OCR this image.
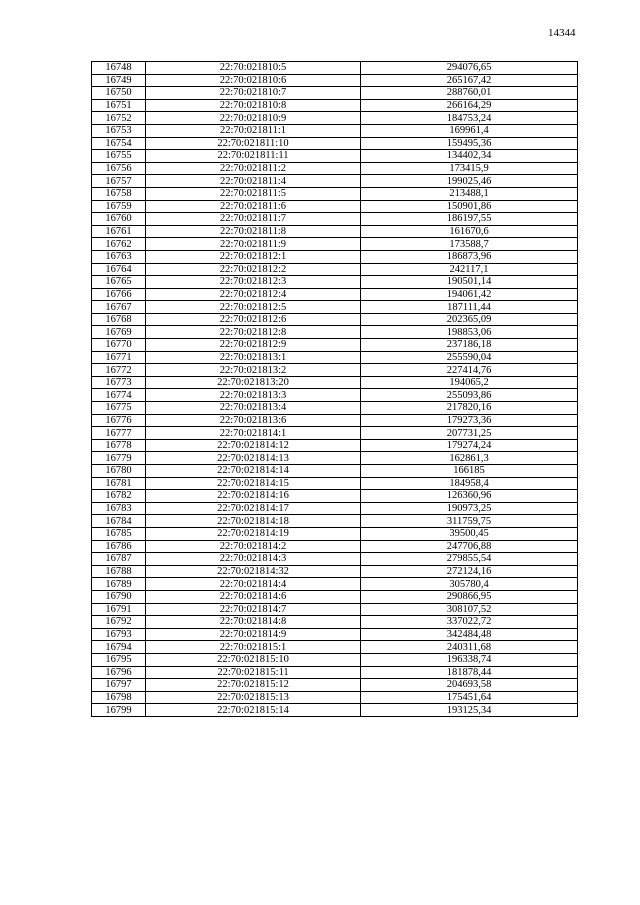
14344
16748	22:70:021810:5	294076,65
16749	22:70:021810:6	265167,42
16750	22:70:021810:7	288760,01
16751	22:70:021810:8	266164,29
16752	22:70:021810:9	184753,24
16753	22:70:021811:1	169961,4
16754	22:70:021811:10	159495,36
16755	22:70:021811:11	134402,34
16756	22:70:021811:2	173415,9
16757	22:70:021811:4	199025,46
16758	22:70:021811:5	213488,1
16759	22:70:021811:6	150901,86
16760	22:70:021811:7	186197,55
16761	22:70:021811:8	161670,6
16762	22:70:021811:9	173588,7
16763	22:70:021812:1	186873,96
16764	22:70:021812:2	242117,1
16765	22:70:021812:3	190501,14
16766	22:70:021812:4	194061,42
16767	22:70:021812:5	187111,44
16768	22:70:021812:6	202365,09
16769	22:70:021812:8	198853,06
16770	22:70:021812:9	237186,18
16771	22:70:021813:1	255590,04
16772	22:70:021813:2	227414,76
16773	22:70:021813:20	194065,2
16774	22:70:021813:3	255093,86
16775	22:70:021813:4	217820,16
16776	22:70:021813:6	179273,36
16777	22:70:021814:1	207731,25
16778	22:70:021814:12	179274,24
16779	22:70:021814:13	162861,3
16780	22:70:021814:14	166185
16781	22:70:021814:15	184958,4
16782	22:70:021814:16	126360,96
16783	22:70:021814:17	190973,25
16784	22:70:021814:18	311759,75
16785	22:70:021814:19	39500,45
16786	22:70:021814:2	247706,88
16787	22:70:021814:3	279855,54
16788	22:70:021814:32	272124,16
16789	22:70:021814:4	305780,4
16790	22:70:021814:6	290866,95
16791	22:70:021814:7	308107,52
16792	22:70:021814:8	337022,72
16793	22:70:021814:9	342484,48
16794	22:70:021815:1	240311,68
16795	22:70:021815:10	196338,74
16796	22:70:021815:11	181878,44
16797	22:70:021815:12	204693,58
16798	22:70:021815:13	175451,64
16799	22:70:021815:14	193125,34
